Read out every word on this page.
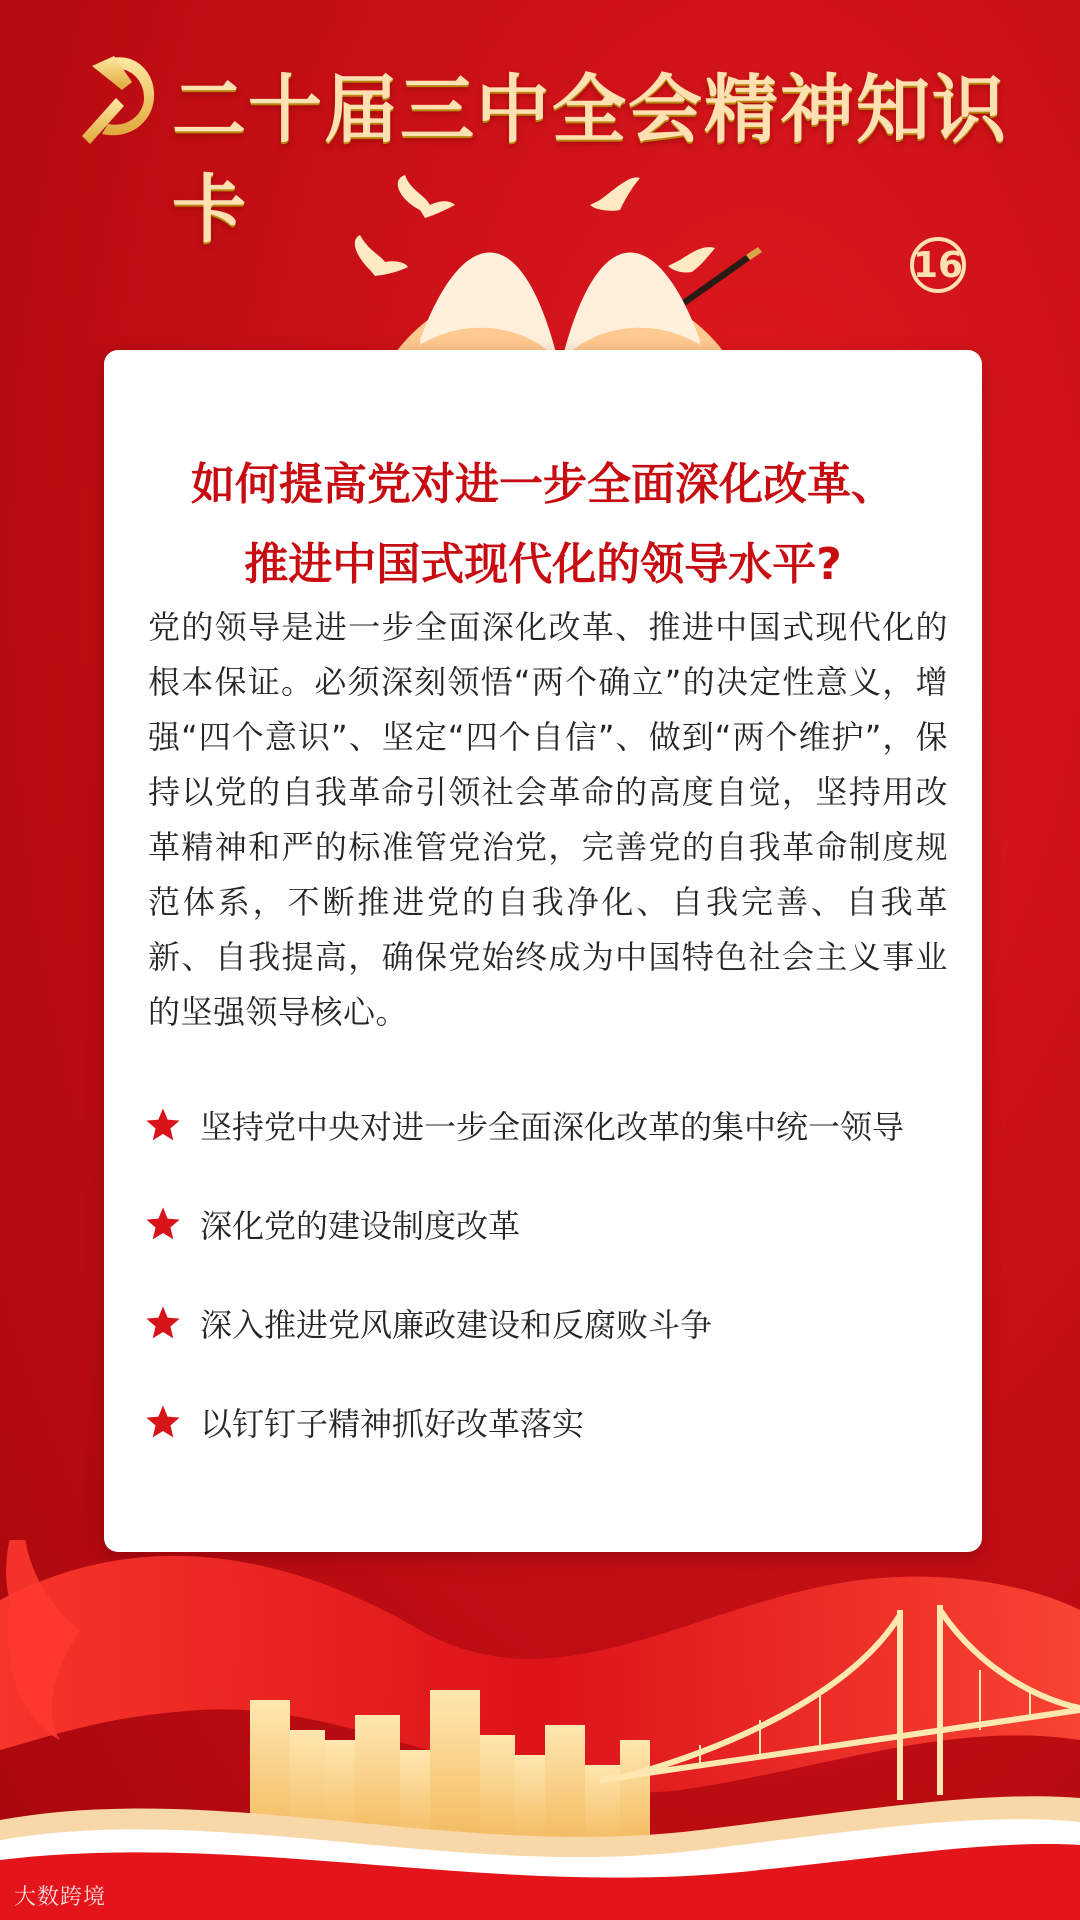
二十届三中全会精神知识卡
16
如何提高党对进一步全面深化改革、
推进中国式现代化的领导水平?
党的领导是进一步全面深化改革、推进中国式现代化的根本保证。必须深刻领悟“两个确立”的决定性意义，增强“四个意识”、坚定“四个自信”、做到“两个维护”，保持以党的自我革命引领社会革命的高度自觉，坚持用改革精神和严的标准管党治党，完善党的自我革命制度规范体系，不断推进党的自我净化、自我完善、自我革新、自我提高，确保党始终成为中国特色社会主义事业的坚强领导核心。
坚持党中央对进一步全面深化改革的集中统一领导
深化党的建设制度改革
深入推进党风廉政建设和反腐败斗争
以钉钉子精神抓好改革落实
大数跨境
